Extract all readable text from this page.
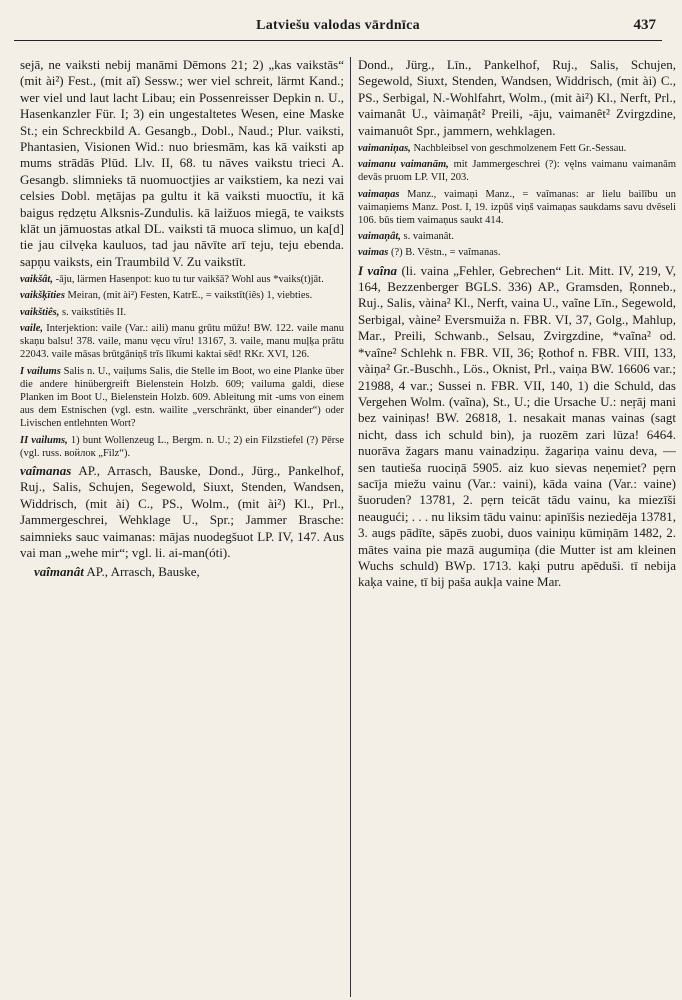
Latviešu valodas vārdnīca	437

sejā, ne vaiksti nebij manāmi Dēmons 21; 2) „kas vaikstās“ (mit ài²) Fest., (mit aĩ) Sessw.; wer viel schreit, lärmt Kand.; wer viel und laut lacht Libau; ein Possenreisser Depkin n. U., Hasenkanzler Für. I; 3) ein ungestaltetes Wesen, eine Maske St.; ein Schreckbild A. Gesangb., Dobl., Naud.; Plur. vaiksti, Phantasien, Visionen Wid.: nuo briesmām, kas kā vaiksti ap mums strādās Plūd. Llv. II, 68. tu nāves vaikstu trieci A. Gesangb. slimnieks tā nuomuoctjies ar vaikstiem, ka nezi vai celsies Dobl. mẹtājas pa gultu it kā vaiksti muoctīu, it kā baigus rẹdzẹtu Alksnis-Zundulis. kā laižuos miegā, te vaiksts klāt un jāmuostas atkal DL. vaiksti tā muoca slimuo, un ka[d] tie jau cilvẹka kauluos, tad jau nāvīte arī teju, teju ebenda. sapņu vaiksts, ein Traumbild V. Zu vaikstīt.

vaikšât, -āju, lärmen Hasenpot: kuo tu tur vaikšā? Wohl aus *vaiks(t)jāt.

vaikšķīties Meiran, (mit ài²) Festen, KatrE., = vaikstīt(iês) 1, viebties.

vaikštiês, s. vaikstîtiês II.

vaile, Interjektion: vaile (Var.: aili) manu grūtu mūžu! BW. 122. vaile manu skaņu balsu! 378. vaile, manu vẹcu vīru! 13167, 3. vaile, manu muļķa prātu 22043. vaile māsas brūtgāniņš trīs līkumi kaktai sēd! RKr. XVI, 126.

I vailums Salis n. U., vaiļums Salis, die Stelle im Boot, wo eine Planke über die andere hinübergreift Bielenstein Holzb. 609; vailuma galdi, diese Planken im Boot U., Bielenstein Holzb. 609. Ableitung mit -ums von einem aus dem Estnischen (vgl. estn. wailite „verschränkt, über einander“) oder Livischen entlehnten Wort?

II vailums, 1) bunt Wollenzeug L., Bergm. n. U.; 2) ein Filzstiefel (?) Pērse (vgl. russ. войлок „Filz“).

vaîmanas AP., Arrasch, Bauske, Dond., Jürg., Pankelhof, Ruj., Salis, Schujen, Segewold, Siuxt, Stenden, Wandsen, Widdrisch, (mit ài) C., PS., Wolm., (mit ài²) Kl., Prl., Jammergeschrei, Wehklage U., Spr.; Jammer Brasche: saimnieks sauc vaimanas: mājas nuodegšuot LP. IV, 147. Aus vai man „wehe mir“; vgl. li. ai-man(óti).

vaîmanât AP., Arrasch, Bauske,

Dond., Jürg., Līn., Pankelhof, Ruj., Salis, Schujen, Segewold, Siuxt, Stenden, Wandsen, Widdrisch, (mit ài) C., PS., Serbigal, N.-Wohlfahrt, Wolm., (mit ài²) Kl., Nerft, Prl., vaimanât U., vàimaņât² Preili, -āju, vaimanêt² Zvirgzdine, vaimanuôt Spr., jammern, wehklagen.

vaimaniņas, Nachbleibsel von geschmolzenem Fett Gr.-Sessau.

vaimanu vaimanām, mit Jammergeschrei (?): vęlns vaimanu vaimanām devās pruom LP. VII, 203.

vaimaņas Manz., vaimaņi Manz., = vaîmanas: ar lielu bailību un vaimaņiems Manz. Post. I, 19. izpūš viņš vaimaņas saukdams savu dvēseli 106. būs tiem vaimaņus saukt 414.

vaimaņât, s. vaimanât.

vaimas (?) B. Vēstn., = vaîmanas.

I vaîna (li. vaina „Fehler, Gebrechen“ Lit. Mitt. IV, 219, V, 164, Bezzenberger BGLS. 336) AP., Gramsden, Ŗonneb., Ruj., Salis, vàina² Kl., Nerft, vaina U., vaĩne Līn., Segewold, Serbigal, vàine² Eversmuiža n. FBR. VI, 37, Golg., Mahlup, Mar., Preili, Schwanb., Selsau, Zvirgzdine, *vaĩna² od. *vaîne² Schlehk n. FBR. VII, 36; Ŗothof n. FBR. VIII, 133, vàiņa² Gr.-Buschh., Lös., Oknist, Prl., vaiņa BW. 16606 var.; 21988, 4 var.; Sussei n. FBR. VII, 140, 1) die Schuld, das Vergehen Wolm. (vaĩna), St., U.; die Ursache U.: neŗāj mani bez vainiņas! BW. 26818, 1. nesakait manas vainas (sagt nicht, dass ich schuld bin), ja ruozēm zari lūza! 6464. nuorāva žagars manu vainadziņu. žagariņa vainu deva, — sen tautieša ruociņā 5905. aiz kuo sievas neņemiet? pẹrn sacīja miežu vainu (Var.: vaini), kāda vaina (Var.: vaine) šuoruden? 13781, 2. pẹrn teicāt tādu vainu, ka miezīši neaugući; . . . nu liksim tādu vainu: apinīšis neziedēja 13781, 3. augs pādīte, sāpēs zuobi, duos vainiņu kūmiņām 1482, 2. mātes vaina pie mazā augumiņa (die Mutter ist am kleinen Wuchs schuld) BWp. 1713. kaķi putru apēduši. tī nebija kaķa vaine, tī bij paša aukļa vaine Mar.
